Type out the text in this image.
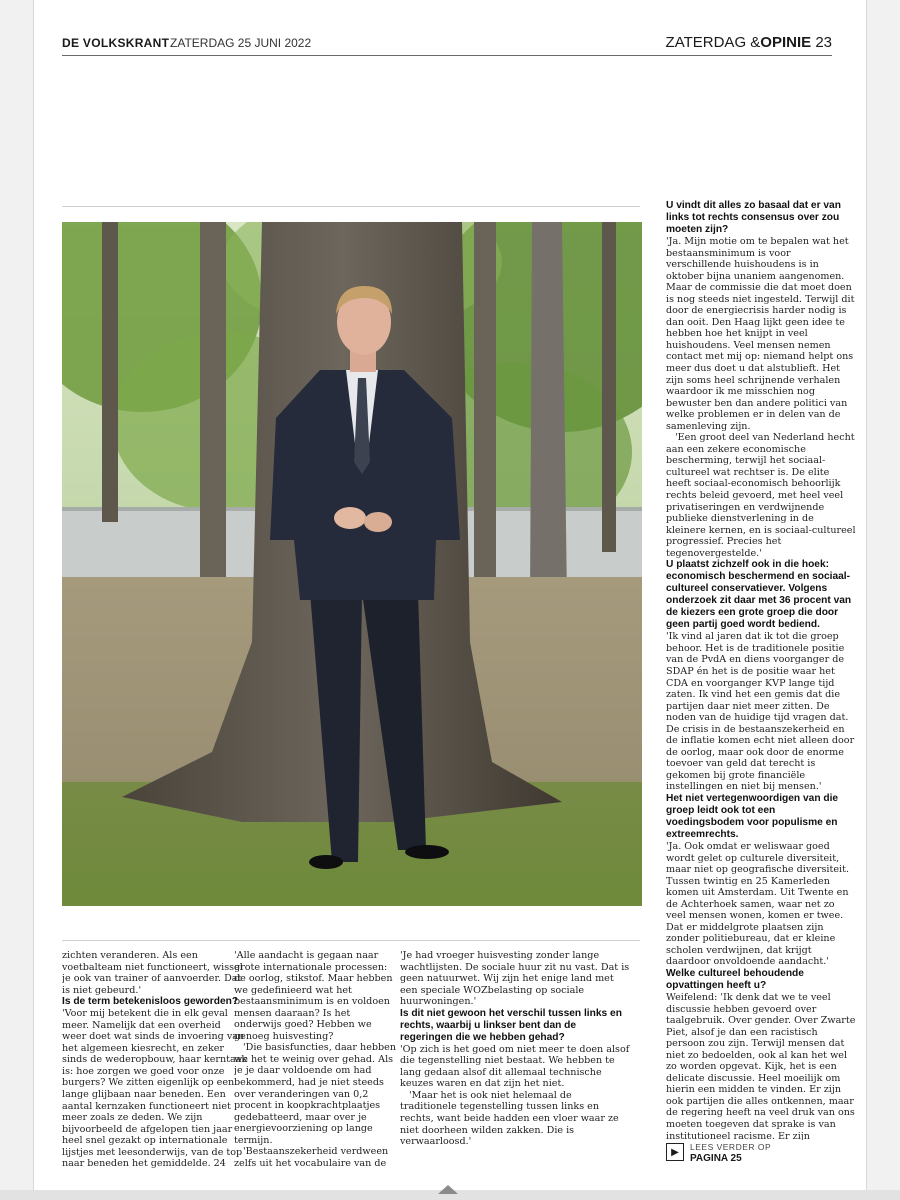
DE VOLKSKRANT ZATERDAG 25 JUNI 2022	ZATERDAG &OPINIE 23

zichten veranderen. Als een voetbalteam niet functioneert, wissel je ook van trainer of aanvoerder. Dat is niet gebeurd.'

Is de term betekenisloos geworden?

'Voor mij betekent die in elk geval meer. Namelijk dat een overheid weer doet wat sinds de invoering van het algemeen kiesrecht, en zeker sinds de wederopbouw, haar kerntaak is: hoe zorgen we goed voor onze burgers? We zitten eigenlijk op een lange glijbaan naar beneden. Een aantal kernzaken functioneert niet meer zoals ze deden. We zijn bijvoorbeeld de afgelopen tien jaar heel snel gezakt op internationale lijstjes met leesonderwijs, van de top naar beneden het gemiddelde. 24

'Alle aandacht is gegaan naar grote internationale processen: de oorlog, stikstof. Maar hebben we gedefinieerd wat het bestaansminimum is en voldoen mensen daaraan? Is het onderwijs goed? Hebben we genoeg huisvesting?

'Die basisfuncties, daar hebben we het te weinig over gehad. Als je je daar voldoende om had bekommerd, had je niet steeds over veranderingen van 0,2 procent in koopkrachtplaatjes gedebatteerd, maar over je energievoorziening op lange termijn.

'Bestaanszekerheid verdween zelfs uit het vocabulaire van de

'Je had vroeger huisvesting zonder lange wachtlijsten. De sociale huur zit nu vast. Dat is geen natuurwet. Wij zijn het enige land met een speciale WOZbelasting op sociale huurwoningen.'

Is dit niet gewoon het verschil tussen links en rechts, waarbij u linkser bent dan de regeringen die we hebben gehad?

'Op zich is het goed om niet meer te doen alsof die tegenstelling niet bestaat. We hebben te lang gedaan alsof dit allemaal technische keuzes waren en dat zijn het niet.

'Maar het is ook niet helemaal de traditionele tegenstelling tussen links en rechts, want beide hadden een vloer waar ze niet doorheen wilden zakken. Die is verwaarloosd.'

U vindt dit alles zo basaal dat er van links tot rechts consensus over zou moeten zijn?

'Ja. Mijn motie om te bepalen wat het bestaansminimum is voor verschillende huishoudens is in oktober bijna unaniem aangenomen. Maar de commissie die dat moet doen is nog steeds niet ingesteld. Terwijl dit door de energiecrisis harder nodig is dan ooit. Den Haag lijkt geen idee te hebben hoe het knijpt in veel huishoudens. Veel mensen nemen contact met mij op: niemand helpt ons meer dus doet u dat alstublieft. Het zijn soms heel schrijnende verhalen waardoor ik me misschien nog bewuster ben dan andere politici van welke problemen er in delen van de samenleving zijn.

'Een groot deel van Nederland hecht aan een zekere economische bescherming, terwijl het sociaal-cultureel wat rechtser is. De elite heeft sociaal-economisch behoorlijk rechts beleid gevoerd, met heel veel privatiseringen en verdwijnende publieke dienstverlening in de kleinere kernen, en is sociaal-cultureel progressief. Precies het tegenovergestelde.'

U plaatst zichzelf ook in die hoek: economisch beschermend en sociaal-cultureel conservatiever. Volgens onderzoek zit daar met 36 procent van de kiezers een grote groep die door geen partij goed wordt bediend.

'Ik vind al jaren dat ik tot die groep behoor. Het is de traditionele positie van de PvdA en diens voorganger de SDAP én het is de positie waar het CDA en voorganger KVP lange tijd zaten. Ik vind het een gemis dat die partijen daar niet meer zitten. De noden van de huidige tijd vragen dat. De crisis in de bestaanszekerheid en de inflatie komen echt niet alleen door de oorlog, maar ook door de enorme toevoer van geld dat terecht is gekomen bij grote financiële instellingen en niet bij mensen.'

Het niet vertegenwoordigen van die groep leidt ook tot een voedingsbodem voor populisme en extreemrechts.

'Ja. Ook omdat er weliswaar goed wordt gelet op culturele diversiteit, maar niet op geografische diversiteit. Tussen twintig en 25 Kamerleden komen uit Amsterdam. Uit Twente en de Achterhoek samen, waar net zo veel mensen wonen, komen er twee. Dat er middelgrote plaatsen zijn zonder politiebureau, dat er kleine scholen verdwijnen, dat krijgt daardoor onvoldoende aandacht.'

Welke cultureel behoudende opvattingen heeft u?

Weifelend: 'Ik denk dat we te veel discussie hebben gevoerd over taalgebruik. Over gender. Over Zwarte Piet, alsof je dan een racistisch persoon zou zijn. Terwijl mensen dat niet zo bedoelden, ook al kan het wel zo worden opgevat. Kijk, het is een delicate discussie. Heel moeilijk om hierin een midden te vinden. Er zijn ook partijen die alles ontkennen, maar de regering heeft na veel druk van ons moeten toegeven dat sprake is van institutioneel racisme. Er zijn

▶	LEES VERDER OP
PAGINA 25
